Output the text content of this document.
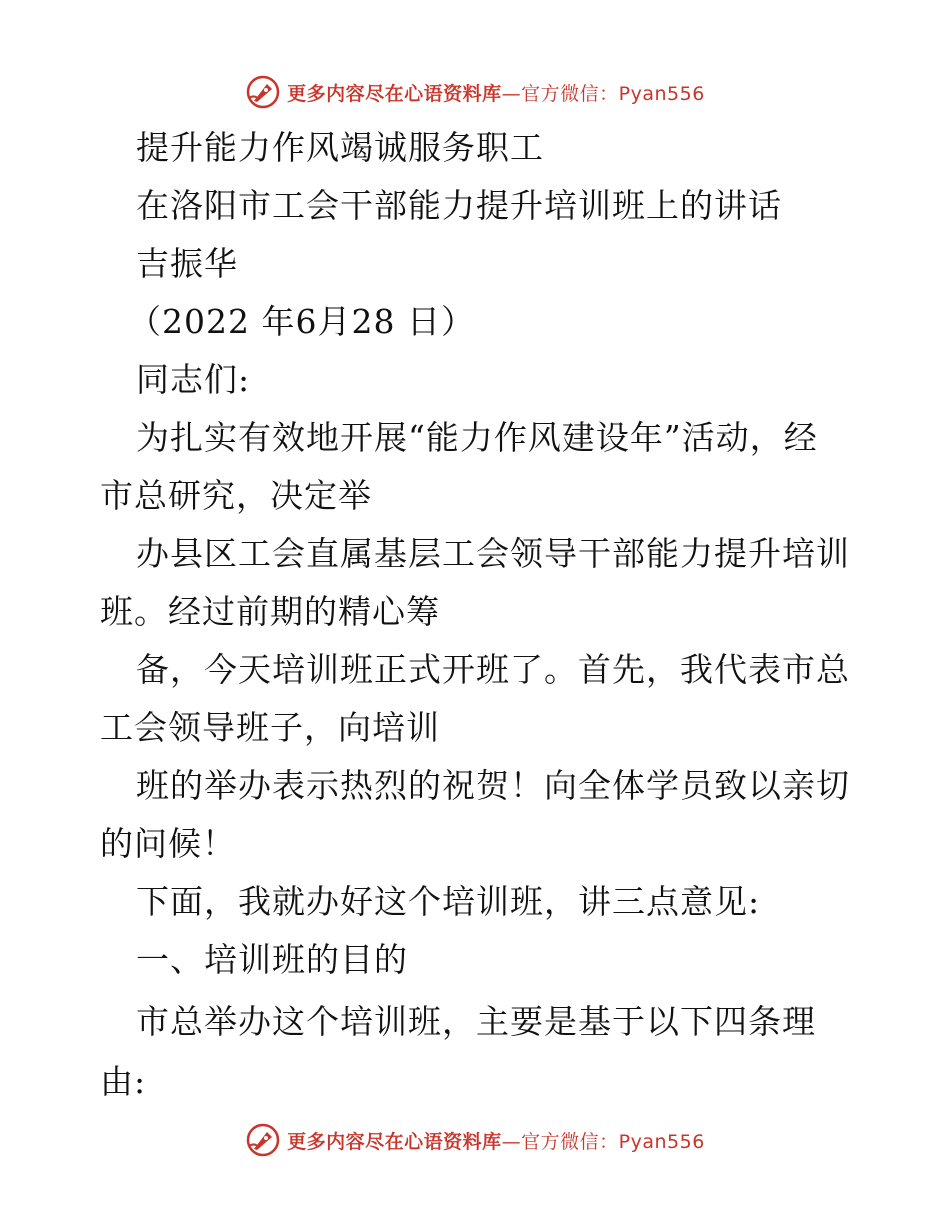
更多内容尽在心语资料库—官方微信：Pyan556
提升能力作风竭诚服务职工
在洛阳市工会干部能力提升培训班上的讲话
吉振华
（2022 年6月28 日）
同志们:
为扎实有效地开展“能力作风建设年”活动，经
市总研究，决定举
办县区工会直属基层工会领导干部能力提升培训
班。经过前期的精心筹
备，今天培训班正式开班了。首先，我代表市总
工会领导班子，向培训
班的举办表示热烈的祝贺！向全体学员致以亲切
的问候！
下面，我就办好这个培训班，讲三点意见:
一、培训班的目的
市总举办这个培训班，主要是基于以下四条理
由:
更多内容尽在心语资料库—官方微信：Pyan556
